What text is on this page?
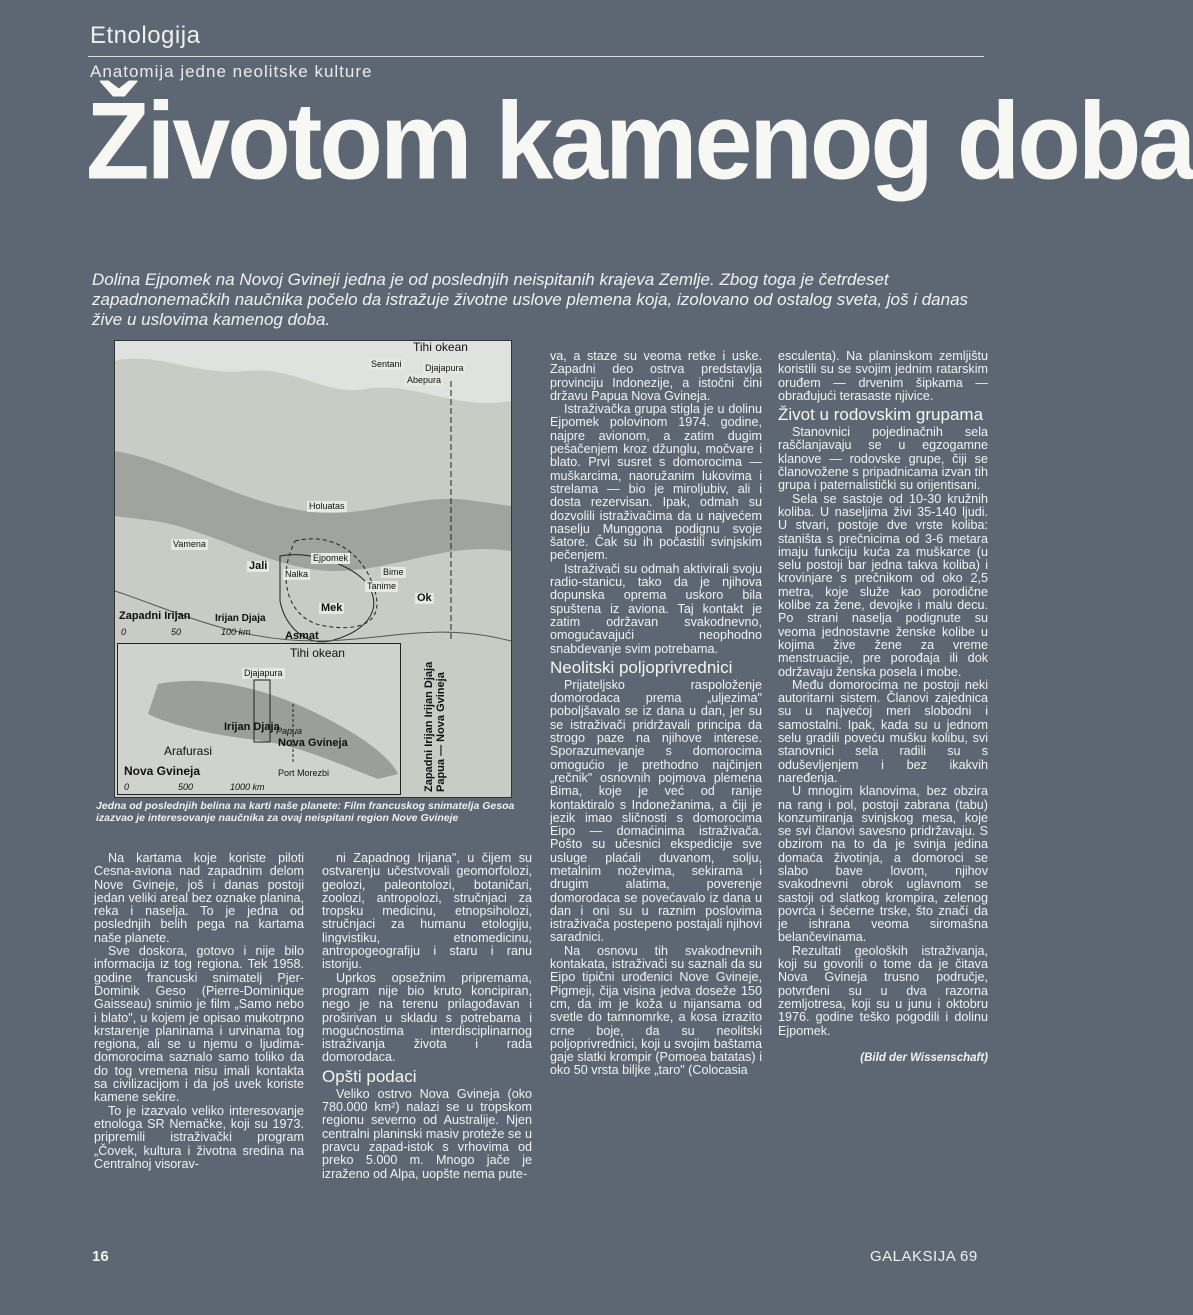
Etnologija
Anatomija jedne neolitske kulture
Životom kamenog doba
Dolina Ejpomek na Novoj Gvineji jedna je od poslednjih neispitanih krajeva Zemlje. Zbog toga je četrdeset zapadnonemačkih naučnika počelo da istražuje životne uslove plemena koja, izolovano od ostalog sveta, još i danas žive u uslovima kamenog doba.
Tihi okean
Sentani	Djajapura
Abepura
Holuatas
Vamena
Jali
Ejpomek
Nalka	Bime
Tanime
Mek
Ok
Asmat
Zapadni Irijan Irijan Djaja
0	50	100 km
Zapadni Irijan Irijan Djaja Papua — Nova Gvineja
Tihi okean
Djajapura
Irijan Djaja
Papua
Nova Gvineja
Arafurasi
Nova Gvineja	Port Morezbi
0	500	1000 km
Jedna od poslednjih belina na karti naše planete: Film francuskog snimatelja Gesoa izazvao je interesovanje naučnika za ovaj neispitani region Nove Gvineje

Na kartama koje koriste piloti Cesna-aviona nad zapadnim delom Nove Gvineje, još i danas postoji jedan veliki areal bez oznake planina, reka i naselja. To je jedna od poslednjih belih pega na kartama naše planete.

Sve doskora, gotovo i nije bilo informacija iz tog regiona. Tek 1958. godine francuski snimatelj Pjer-Dominik Geso (Pierre-Dominique Gaisseau) snimio je film „Samo nebo i blato", u kojem je opisao mukotrpno krstarenje planinama i urvinama tog regiona, ali se u njemu o ljudima-domorocima saznalo samo toliko da do tog vremena nisu imali kontakta sa civilizacijom i da još uvek koriste kamene sekire.

To je izazvalo veliko interesovanje etnologa SR Nemačke, koji su 1973. pripremili istraživački program „Čovek, kultura i životna sredina na Centralnoj visorav-

ni Zapadnog Irijana", u čijem su ostvarenju učestvovali geomorfolozi, geolozi, paleontolozi, botaničari, zoolozi, antropolozi, stručnjaci za tropsku medicinu, etnopsiholozi, stručnjaci za humanu etologiju, lingvistiku, etnomedicinu, antropogeografiju i staru i ranu istoriju.

Uprkos opsežnim pripremama, program nije bio kruto koncipiran, nego je na terenu prilagođavan i proširivan u skladu s potrebama i mogućnostima interdisciplinarnog istraživanja života i rada domorodaca.

Opšti podaci

Veliko ostrvo Nova Gvineja (oko 780.000 km²) nalazi se u tropskom regionu severno od Australije. Njen centralni planinski masiv proteže se u pravcu zapad-istok s vrhovima od preko 5.000 m. Mnogo jače je izraženo od Alpa, uopšte nema pute-

va, a staze su veoma retke i uske. Zapadni deo ostrva predstavlja provinciju Indonezije, a istočni čini državu Papua Nova Gvineja.

Istraživačka grupa stigla je u dolinu Ejpomek polovinom 1974. godine, najpre avionom, a zatim dugim pešačenjem kroz džunglu, močvare i blato. Prvi susret s domorocima — muškarcima, naoružanim lukovima i strelama — bio je miroljubiv, ali i dosta rezervisan. Ipak, odmah su dozvolili istraživačima da u najvećem naselju Munggona podignu svoje šatore. Čak su ih počastili svinjskim pečenjem.

Istraživači su odmah aktivirali svoju radio-stanicu, tako da je njihova dopunska oprema uskoro bila spuštena iz aviona. Taj kontakt je zatim održavan svakodnevno, omogućavajući neophodno snabdevanje svim potrebama.

Neolitski poljoprivrednici

Prijateljsko raspoloženje domorodaca prema „uljezima" poboljšavalo se iz dana u dan, jer su se istraživači pridržavali principa da strogo paze na njihove interese. Sporazumevanje s domorocima omogućio je prethodno najčinjen „rečnik" osnovnih pojmova plemena Bima, koje je već od ranije kontaktiralo s Indonežanima, a čiji je jezik imao sličnosti s domorocima Eipo — domaćinima istraživača. Pošto su učesnici ekspedicije sve usluge plaćali duvanom, solju, metalnim noževima, sekirama i drugim alatima, poverenje domorodaca se povećavalo iz dana u dan i oni su u raznim poslovima istraživača postepeno postajali njihovi saradnici.

Na osnovu tih svakodnevnih kontakata, istraživači su saznali da su Eipo tipični urođenici Nove Gvineje, Pigmeji, čija visina jedva doseže 150 cm, da im je koža u nijansama od svetle do tamnomrke, a kosa izrazito crne boje, da su neolitski poljoprivrednici, koji u svojim baštama gaje slatki krompir (Pomoea batatas) i oko 50 vrsta biljke „taro" (Colocasia

esculenta). Na planinskom zemljištu koristili su se svojim jednim ratarskim oruđem — drvenim šipkama — obrađujući terasaste njivice.

Život u rodovskim grupama

Stanovnici pojedinačnih sela raščlanjavaju se u egzogamne klanove — rodovske grupe, čiji se članovožene s pripadnicama izvan tih grupa i paternalistički su orijentisani.

Sela se sastoje od 10-30 kružnih koliba. U naseljima živi 35-140 ljudi. U stvari, postoje dve vrste koliba: staništa s prečnicima od 3-6 metara imaju funkciju kuća za muškarce (u selu postoji bar jedna takva koliba) i krovinjare s prečnikom od oko 2,5 metra, koje služe kao porodične kolibe za žene, devojke i malu decu. Po strani naselja podignute su veoma jednostavne ženske kolibe u kojima žive žene za vreme menstruacije, pre porođaja ili dok održavaju ženska posela i mobe.

Među domorocima ne postoji neki autoritarni sistem. Članovi zajednica su u najvećoj meri slobodni i samostalni. Ipak, kada su u jednom selu gradili poveću mušku kolibu, svi stanovnici sela radili su s oduševljenjem i bez ikakvih naređenja.

U mnogim klanovima, bez obzira na rang i pol, postoji zabrana (tabu) konzumiranja svinjskog mesa, koje se svi članovi savesno pridržavaju. S obzirom na to da je svinja jedina domaća životinja, a domoroci se slabo bave lovom, njihov svakodnevni obrok uglavnom se sastoji od slatkog krompira, zelenog povrća i šećerne trske, što značí da je ishrana veoma siromašna belančevinama.

Rezultati geoloških istraživanja, koji su govorili o tome da je čitava Nova Gvineja trusno područje, potvrđeni su u dva razorna zemljotresa, koji su u junu i oktobru 1976. godine teško pogodili i dolinu Ejpomek.

(Bild der Wissenschaft)
16	GALAKSIJA 69
